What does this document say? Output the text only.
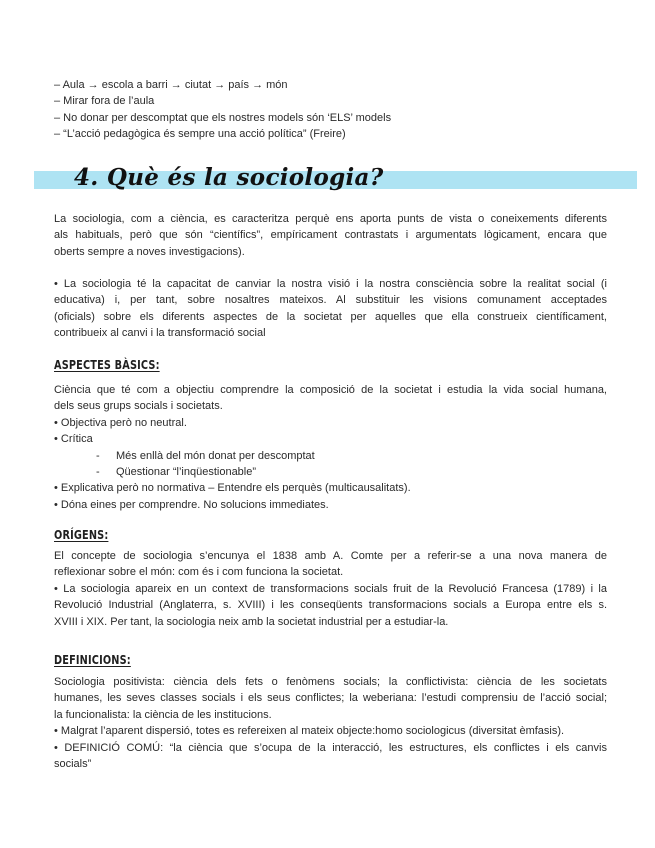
– Aula → escola a barri → ciutat → país → món
– Mirar fora de l’aula
– No donar per descomptat que els nostres models són ‘ELS’ models
– “L’acció pedagògica és sempre una acció política” (Freire)
4. Què és la sociologia?
La sociologia, com a ciència, es caracteritza perquè ens aporta punts de vista o coneixements diferents
als habituals, però que són “científics”, empíricament contrastats i argumentats lògicament, encara que
oberts sempre a noves investigacions).
• La sociologia té la capacitat de canviar la nostra visió i la nostra consciència sobre la realitat social (i
educativa) i, per tant, sobre nosaltres mateixos. Al substituir les visions comunament acceptades
(oficials) sobre els diferents aspectes de la societat per aquelles que ella construeix científicament,
contribueix al canvi i la transformació social
ASPECTES BÀSICS:
Ciència que té com a objectiu comprendre la composició de la societat i estudia la vida social humana,
dels seus grups socials i societats.
• Objectiva però no neutral.
• Crítica
- Més enllà del món donat per descomptat
- Qüestionar “l’inqüestionable”
• Explicativa però no normativa – Entendre els perquès (multicausalitats).
• Dóna eines per comprendre. No solucions immediates.
ORÍGENS:
El concepte de sociologia s’encunya el 1838 amb A. Comte per a referir-se a una nova manera de
reflexionar sobre el món: com és i com funciona la societat.
• La sociologia apareix en un context de transformacions socials fruit de la Revolució Francesa (1789) i la
Revolució Industrial (Anglaterra, s. XVIII) i les conseqüents transformacions socials a Europa entre els s.
XVIII i XIX. Per tant, la sociologia neix amb la societat industrial per a estudiar-la.
DEFINICIONS:
Sociologia positivista: ciència dels fets o fenòmens socials; la conflictivista: ciència de les societats
humanes, les seves classes socials i els seus conflictes; la weberiana: l’estudi comprensiu de l’acció social;
la funcionalista: la ciència de les institucions.
• Malgrat l’aparent dispersió, totes es refereixen al mateix objecte:homo sociologicus (diversitat èmfasis).
• DEFINICIÓ COMÚ: “la ciència que s’ocupa de la interacció, les estructures, els conflictes i els canvis
socials”
